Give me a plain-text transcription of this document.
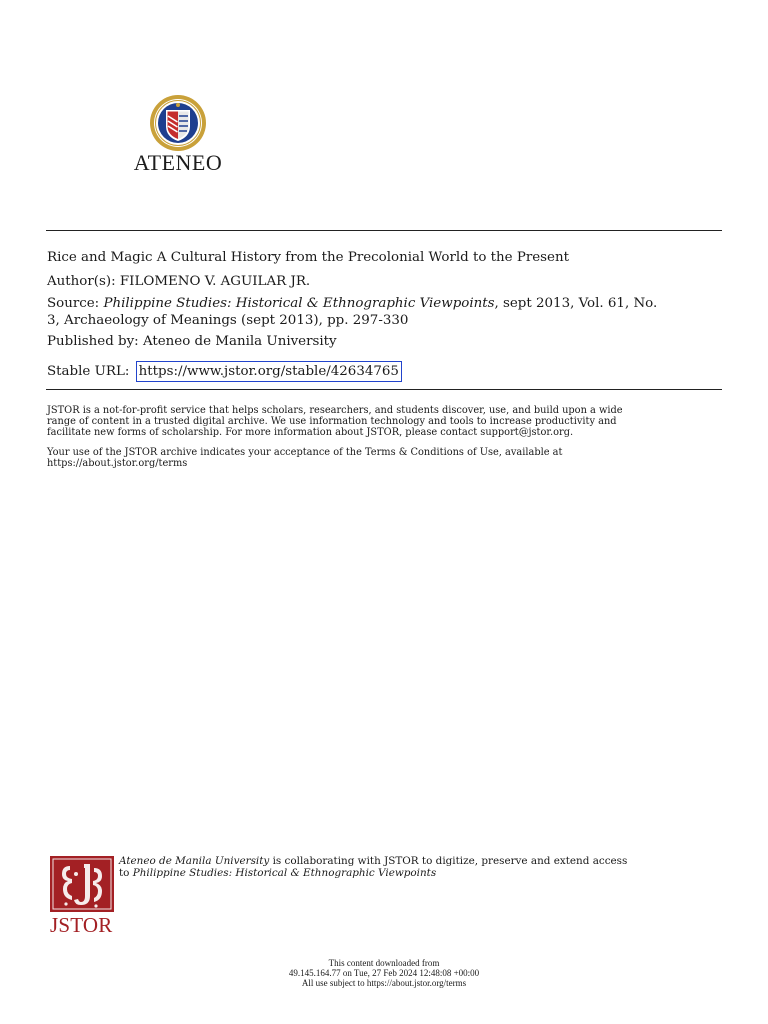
ATENEO
Rice and Magic A Cultural History from the Precolonial World to the Present
Author(s): FILOMENO V. AGUILAR JR.
Source: Philippine Studies: Historical & Ethnographic Viewpoints, sept 2013, Vol. 61, No.
3, Archaeology of Meanings (sept 2013), pp. 297-330
Published by: Ateneo de Manila University
Stable URL: https://www.jstor.org/stable/42634765
JSTOR is a not-for-profit service that helps scholars, researchers, and students discover, use, and build upon a wide
range of content in a trusted digital archive. We use information technology and tools to increase productivity and
facilitate new forms of scholarship. For more information about JSTOR, please contact support@jstor.org.
Your use of the JSTOR archive indicates your acceptance of the Terms & Conditions of Use, available at
https://about.jstor.org/terms
JSTOR
Ateneo de Manila University is collaborating with JSTOR to digitize, preserve and extend access
to Philippine Studies: Historical & Ethnographic Viewpoints
This content downloaded from
49.145.164.77 on Tue, 27 Feb 2024 12:48:08 +00:00
All use subject to https://about.jstor.org/terms
